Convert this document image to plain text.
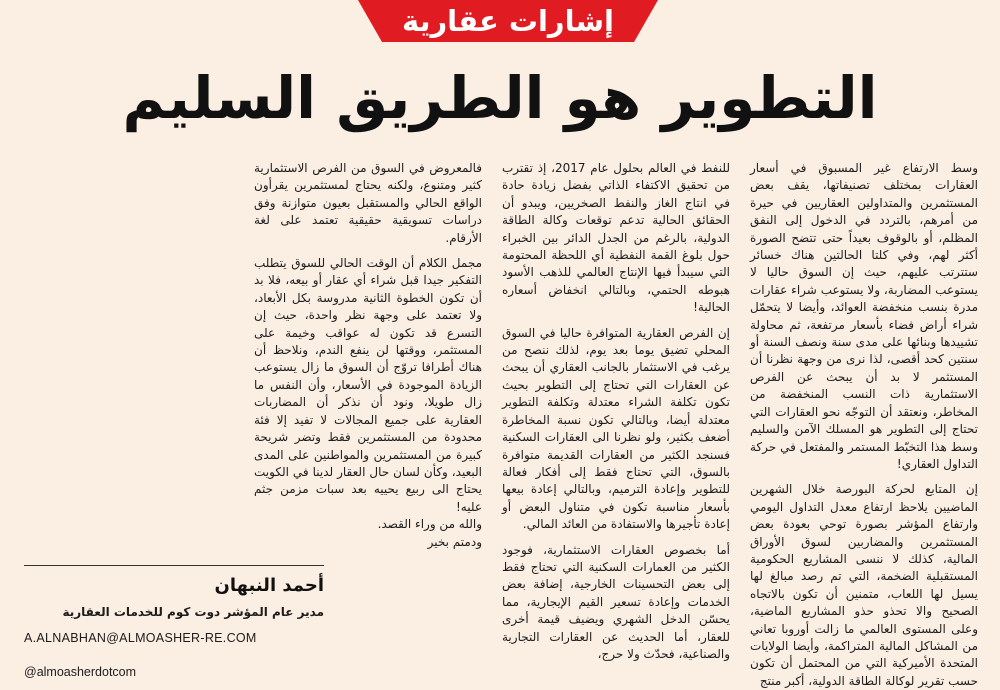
إشارات عقارية
التطوير هو الطريق السليم

وسط الارتفاع غير المسبوق في أسعار العقارات بمختلف تصنيفاتها، يقف بعض المستثمرين والمتداولين العقاريين في حيرة من أمرهم، بالتردد في الدخول إلى النفق المظلم، أو بالوقوف بعيداً حتى تتضح الصورة أكثر لهم، وفي كلتا الحالتين هناك خسائر ستترتب عليهم، حيث إن السوق حاليا لا يستوعب المضاربة، ولا يستوعب شراء عقارات مدرة بنسب منخفضة العوائد، وأيضا لا يتحمّل شراء أراض فضاء بأسعار مرتفعة، ثم محاولة تشييدها وبنائها على مدى سنة ونصف السنة أو سنتين كحد أقصى، لذا نرى من وجهة نظرنا أن المستثمر لا بد أن يبحث عن الفرص الاستثمارية ذات النسب المنخفضة من المخاطر، ونعتقد أن التوجّه نحو العقارات التي تحتاج إلى التطوير هو المسلك الآمن والسليم وسط هذا التخبّط المستمر والمفتعل في حركة التداول العقاري!

إن المتابع لحركة البورصة خلال الشهرين الماضيين يلاحظ ارتفاع معدل التداول اليومي وارتفاع المؤشر بصورة توحي بعودة بعض المستثمرين والمضاربين لسوق الأوراق المالية، كذلك لا ننسى المشاريع الحكومية المستقبلية الضخمة، التي تم رصد مبالغ لها يسيل لها اللعاب، متمنين أن تكون بالاتجاه الصحيح والا تحذو حذو المشاريع الماضية، وعلى المستوى العالمي ما زالت أوروبا تعاني من المشاكل المالية المتراكمة، وأيضا الولايات المتحدة الأميركية التي من المحتمل أن تكون حسب تقرير لوكالة الطاقة الدولية، أكبر منتج

للنفط في العالم بحلول عام 2017، إذ تقترب من تحقيق الاكتفاء الذاتي بفضل زيادة حادة في انتاج الغاز والنفط الصخريين، ويبدو أن الحقائق الحالية تدعم توقعات وكالة الطاقة الدولية، بالرغم من الجدل الدائر بين الخبراء حول بلوغ القمة النفطية أي اللحظة المحتومة التي سيبدأ فيها الإنتاج العالمي للذهب الأسود هبوطه الحتمي، وبالتالي انخفاض أسعاره الحالية!

إن الفرص العقارية المتوافرة حاليا في السوق المحلي تضيق يوما بعد يوم، لذلك ننصح من يرغب في الاستثمار بالجانب العقاري أن يبحث عن العقارات التي تحتاج إلى التطوير بحيث تكون تكلفة الشراء معتدلة وتكلفة التطوير معتدلة أيضا، وبالتالي تكون نسبة المخاطرة أضعف بكثير، ولو نظرنا الى العقارات السكنية فسنجد الكثير من العقارات القديمة متوافرة بالسوق، التي تحتاج فقط إلى أفكار فعالة للتطوير وإعادة الترميم، وبالتالي إعادة بيعها بأسعار مناسبة تكون في متناول البعض أو إعادة تأجيرها والاستفادة من العائد المالي.

أما بخصوص العقارات الاستثمارية، فوجود الكثير من العمارات السكنية التي تحتاج فقط إلى بعض التحسينات الخارجية، إضافة بعض الخدمات وإعادة تسعير القيم الإيجارية، مما يحسّن الدخل الشهري ويضيف قيمة أخرى للعقار، أما الحديث عن العقارات التجارية والصناعية، فحدّث ولا حرج،

فالمعروض في السوق من الفرص الاستثمارية كثير ومتنوع، ولكنه يحتاج لمستثمرين يقرأون الواقع الحالي والمستقبل بعيون متوازنة وفق دراسات تسويقية حقيقية تعتمد على لغة الأرقام.

مجمل الكلام أن الوقت الحالي للسوق يتطلب التفكير جيدا قبل شراء أي عقار أو بيعه، فلا بد أن تكون الخطوة الثانية مدروسة بكل الأبعاد، ولا تعتمد على وجهة نظر واحدة، حيث إن التسرع قد تكون له عواقب وخيمة على المستثمر، ووقتها لن ينفع الندم، ونلاحظ أن هناك أطرافا تروّج أن السوق ما زال يستوعب الزيادة الموجودة في الأسعار، وأن النفس ما زال طويلا، ونود أن نذكر أن المضاربات العقارية على جميع المجالات لا تفيد إلا فئة محدودة من المستثمرين فقط وتضر شريحة كبيرة من المستثمرين والمواطنين على المدى البعيد، وكأن لسان حال العقار لدينا في الكويت يحتاج الى ربيع يحييه بعد سبات مزمن جثم عليه!

والله من وراء القصد.

ودمتم بخير

أحمد النبهان
مدير عام المؤشر دوت كوم للخدمات العقارية
A.ALNABHAN@ALMOASHER-RE.COM
@almoasherdotcom
